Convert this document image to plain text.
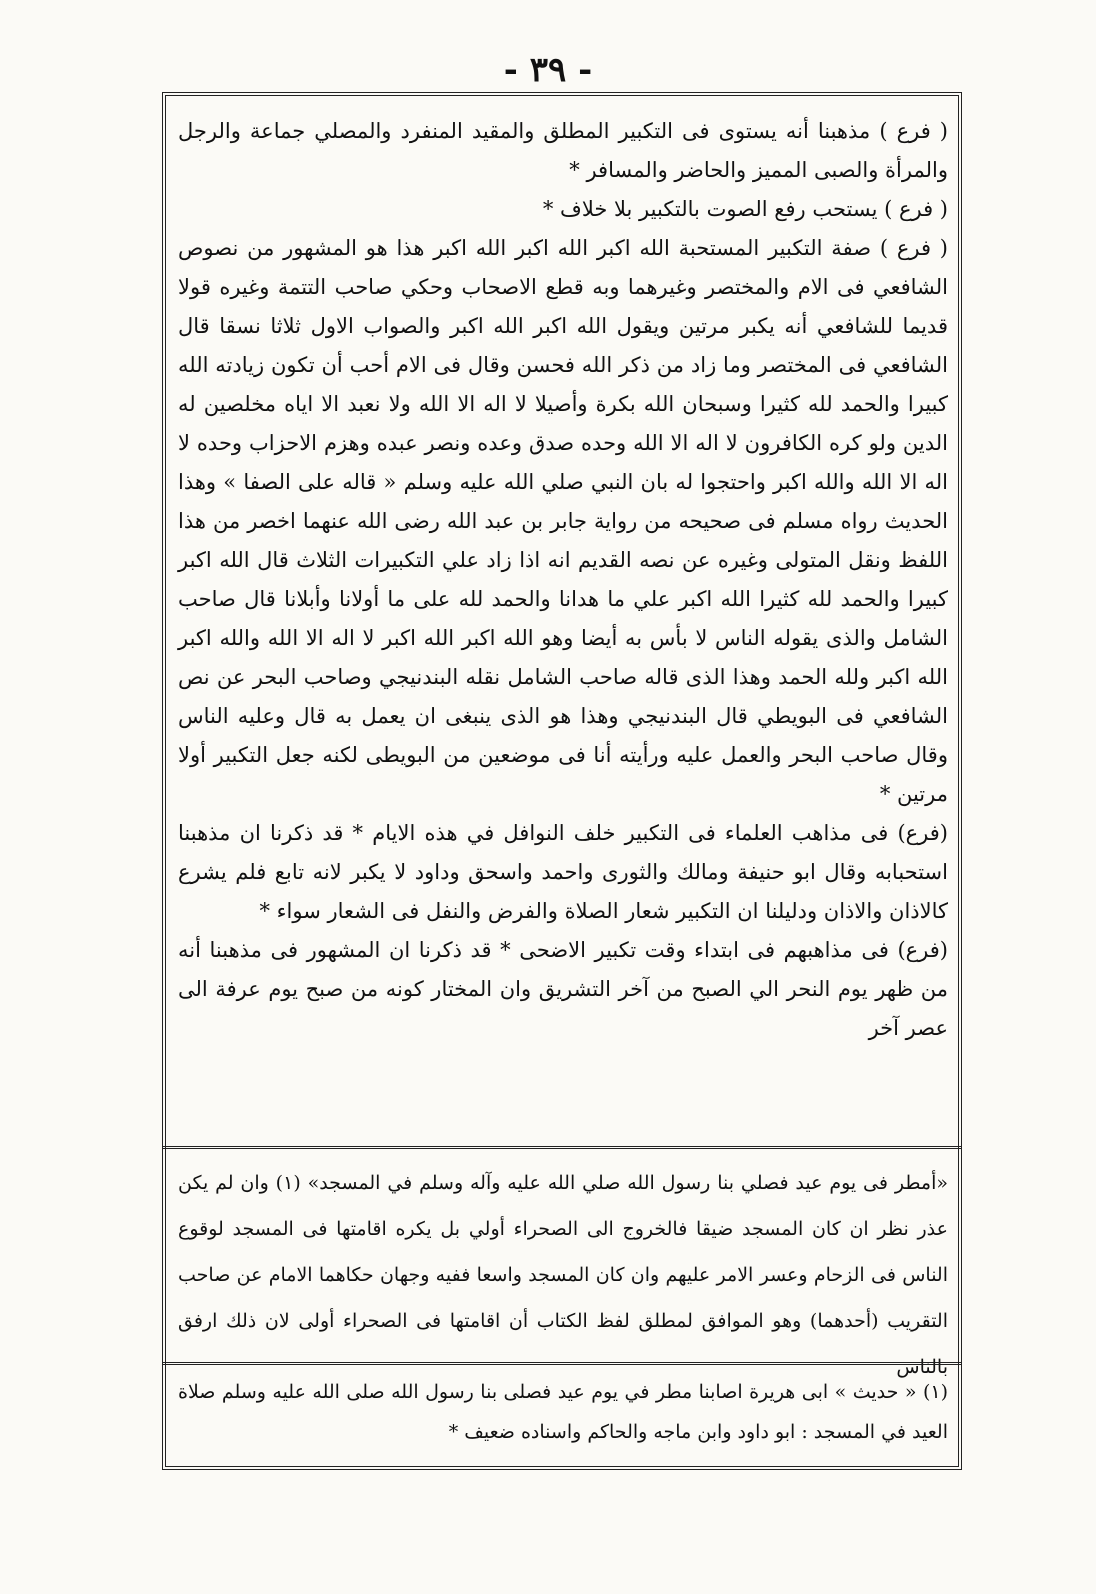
- ٣٩ -

( فرع ) مذهبنا أنه يستوى فى التكبير المطلق والمقيد المنفرد والمصلي جماعة والرجل والمرأة والصبى المميز والحاضر والمسافر *

( فرع ) يستحب رفع الصوت بالتكبير بلا خلاف *

( فرع ) صفة التكبير المستحبة الله اكبر الله اكبر الله اكبر هذا هو المشهور من نصوص الشافعي فى الام والمختصر وغيرهما وبه قطع الاصحاب وحكي صاحب التتمة وغيره قولا قديما للشافعي أنه يكبر مرتين ويقول الله اكبر الله اكبر والصواب الاول ثلاثا نسقا قال الشافعي فى المختصر وما زاد من ذكر الله فحسن وقال فى الام أحب أن تكون زيادته الله كبيرا والحمد لله كثيرا وسبحان الله بكرة وأصيلا لا اله الا الله ولا نعبد الا اياه مخلصين له الدين ولو كره الكافرون لا اله الا الله وحده صدق وعده ونصر عبده وهزم الاحزاب وحده لا اله الا الله والله اكبر واحتجوا له بان النبي صلي الله عليه وسلم « قاله على الصفا » وهذا الحديث رواه مسلم فى صحيحه من رواية جابر بن عبد الله رضى الله عنهما اخصر من هذا اللفظ ونقل المتولى وغيره عن نصه القديم انه اذا زاد علي التكبيرات الثلاث قال الله اكبر كبيرا والحمد لله كثيرا الله اكبر علي ما هدانا والحمد لله على ما أولانا وأبلانا قال صاحب الشامل والذى يقوله الناس لا بأس به أيضا وهو الله اكبر الله اكبر لا اله الا الله والله اكبر الله اكبر ولله الحمد وهذا الذى قاله صاحب الشامل نقله البندنيجي وصاحب البحر عن نص الشافعي فى البويطي قال البندنيجي وهذا هو الذى ينبغى ان يعمل به قال وعليه الناس وقال صاحب البحر والعمل عليه ورأيته أنا فى موضعين من البويطى لكنه جعل التكبير أولا مرتين *

(فرع) فى مذاهب العلماء فى التكبير خلف النوافل في هذه الايام * قد ذكرنا ان مذهبنا استحبابه وقال ابو حنيفة ومالك والثورى واحمد واسحق وداود لا يكبر لانه تابع فلم يشرع كالاذان والاذان ودليلنا ان التكبير شعار الصلاة والفرض والنفل فى الشعار سواء *

(فرع) فى مذاهبهم فى ابتداء وقت تكبير الاضحى * قد ذكرنا ان المشهور فى مذهبنا أنه من ظهر يوم النحر الي الصبح من آخر التشريق وان المختار كونه من صبح يوم عرفة الى عصر آخر

«أمطر فى يوم عيد فصلي بنا رسول الله صلي الله عليه وآله وسلم في المسجد» (١) وان لم يكن عذر نظر ان كان المسجد ضيقا فالخروج الى الصحراء أولي بل يكره اقامتها فى المسجد لوقوع الناس فى الزحام وعسر الامر عليهم وان كان المسجد واسعا ففيه وجهان حكاهما الامام عن صاحب التقريب (أحدهما) وهو الموافق لمطلق لفظ الكتاب أن اقامتها فى الصحراء أولى لان ذلك ارفق بالناس

(١) « حديث » ابى هريرة اصابنا مطر في يوم عيد فصلى بنا رسول الله صلى الله عليه وسلم صلاة العيد في المسجد : ابو داود وابن ماجه والحاكم واسناده ضعيف *
